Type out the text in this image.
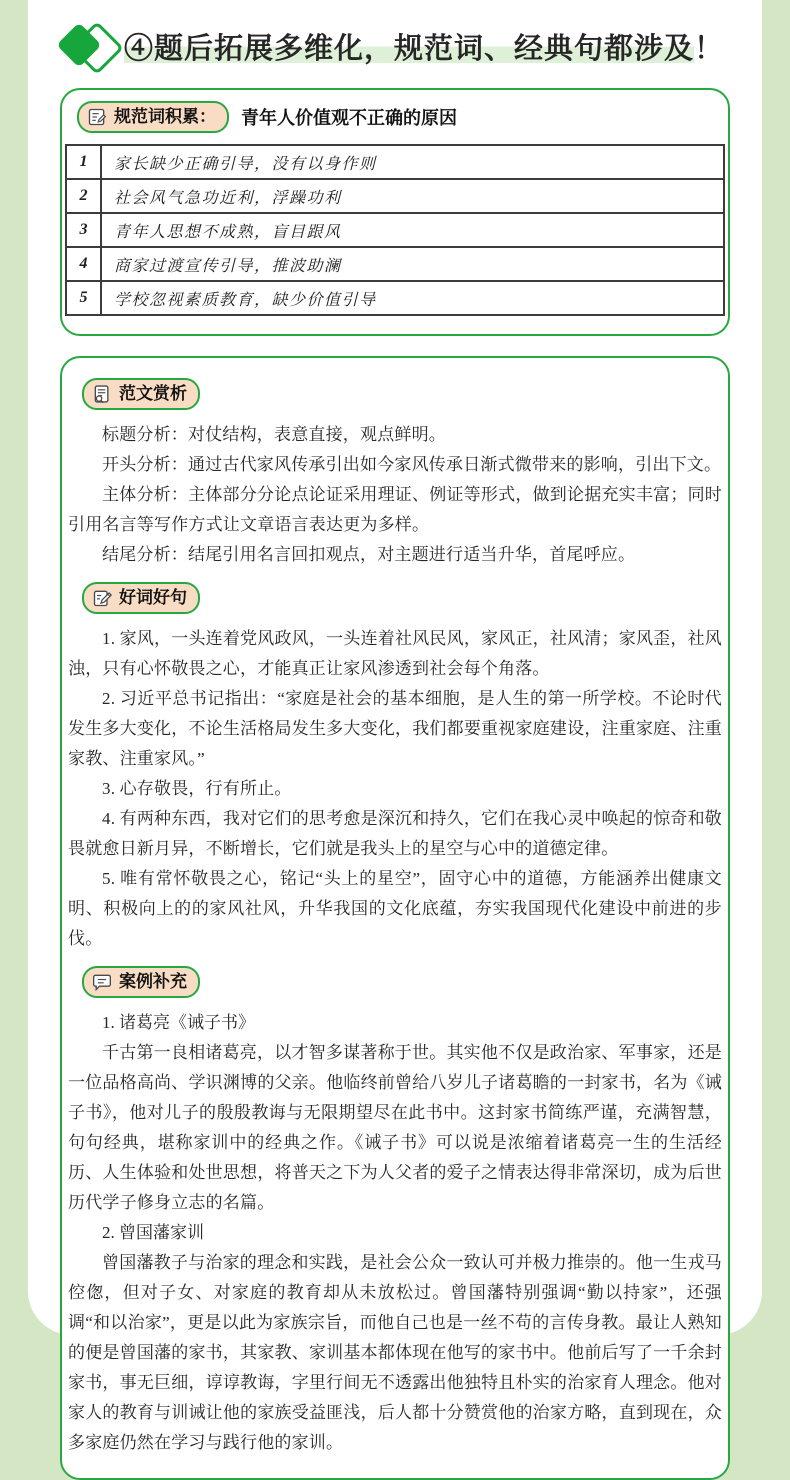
④题后拓展多维化，规范词、经典句都涉及！
规范词积累： 青年人价值观不正确的原因
1	家长缺少正确引导，没有以身作则
2	社会风气急功近利，浮躁功利
3	青年人思想不成熟，盲目跟风
4	商家过渡宣传引导，推波助澜
5	学校忽视素质教育，缺少价值引导
范文赏析

标题分析：对仗结构，表意直接，观点鲜明。

开头分析：通过古代家风传承引出如今家风传承日渐式微带来的影响，引出下文。

主体分析：主体部分分论点论证采用理证、例证等形式，做到论据充实丰富；同时引用名言等写作方式让文章语言表达更为多样。

结尾分析：结尾引用名言回扣观点，对主题进行适当升华，首尾呼应。

好词好句

1. 家风，一头连着党风政风，一头连着社风民风，家风正，社风清；家风歪，社风浊，只有心怀敬畏之心，才能真正让家风渗透到社会每个角落。

2. 习近平总书记指出：“家庭是社会的基本细胞，是人生的第一所学校。不论时代发生多大变化，不论生活格局发生多大变化，我们都要重视家庭建设，注重家庭、注重家教、注重家风。”

3. 心存敬畏，行有所止。

4. 有两种东西，我对它们的思考愈是深沉和持久，它们在我心灵中唤起的惊奇和敬畏就愈日新月异，不断增长，它们就是我头上的星空与心中的道德定律。

5. 唯有常怀敬畏之心，铭记“头上的星空”，固守心中的道德，方能涵养出健康文明、积极向上的的家风社风，升华我国的文化底蕴，夯实我国现代化建设中前进的步伐。

案例补充

1. 诸葛亮《诫子书》

千古第一良相诸葛亮，以才智多谋著称于世。其实他不仅是政治家、军事家，还是一位品格高尚、学识渊博的父亲。他临终前曾给八岁儿子诸葛瞻的一封家书，名为《诫子书》，他对儿子的殷殷教诲与无限期望尽在此书中。这封家书简练严谨，充满智慧，句句经典，堪称家训中的经典之作。《诫子书》可以说是浓缩着诸葛亮一生的生活经历、人生体验和处世思想，将普天之下为人父者的爱子之情表达得非常深切，成为后世历代学子修身立志的名篇。

2. 曾国藩家训

曾国藩教子与治家的理念和实践，是社会公众一致认可并极力推崇的。他一生戎马倥偬，但对子女、对家庭的教育却从未放松过。曾国藩特别强调“勤以持家”，还强调“和以治家”，更是以此为家族宗旨，而他自己也是一丝不苟的言传身教。最让人熟知的便是曾国藩的家书，其家教、家训基本都体现在他写的家书中。他前后写了一千余封家书，事无巨细，谆谆教诲，字里行间无不透露出他独特且朴实的治家育人理念。他对家人的教育与训诫让他的家族受益匪浅，后人都十分赞赏他的治家方略，直到现在，众多家庭仍然在学习与践行他的家训。
